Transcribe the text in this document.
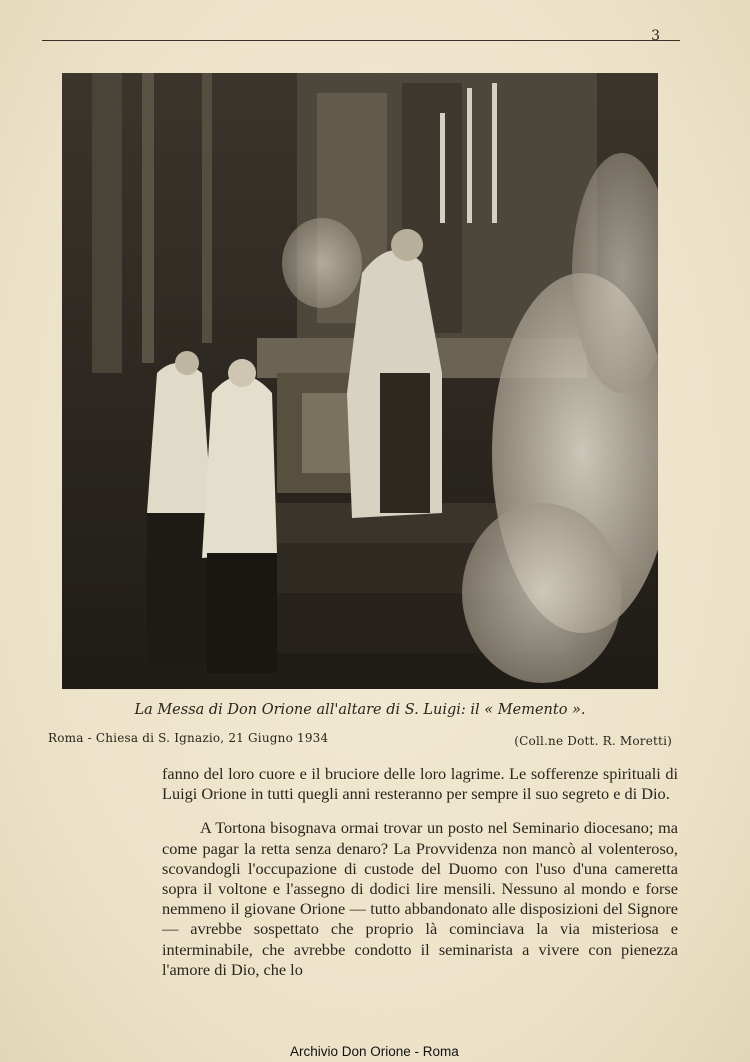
3
La Messa di Don Orione all'altare di S. Luigi: il « Memento ».
Roma - Chiesa di S. Ignazio, 21 Giugno 1934	(Coll.ne Dott. R. Moretti)

fanno del loro cuore e il bruciore delle loro lagrime. Le sofferenze spirituali di Luigi Orione in tutti quegli anni resteranno per sempre il suo segreto e di Dio.

A Tortona bisognava ormai trovar un posto nel Seminario diocesano; ma come pagar la retta senza denaro? La Provvidenza non mancò al volenteroso, scovandogli l'occupazione di custode del Duomo con l'uso d'una cameretta sopra il voltone e l'assegno di dodici lire mensili. Nessuno al mondo e forse nemmeno il giovane Orione — tutto abbandonato alle disposizioni del Signore — avrebbe sospettato che proprio là cominciava la via misteriosa e interminabile, che avrebbe condotto il seminarista a vivere con pienezza l'amore di Dio, che lo

Archivio Don Orione - Roma
